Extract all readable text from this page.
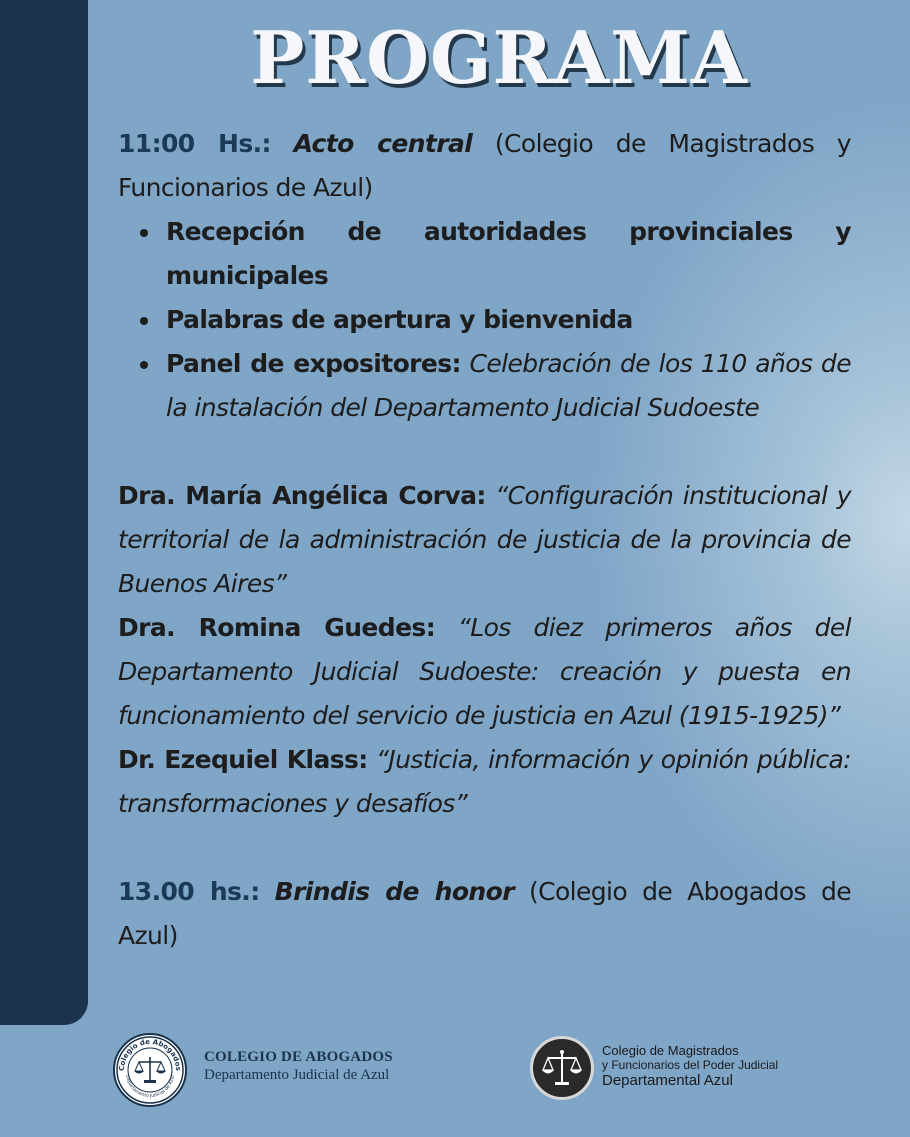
PROGRAMA

11:00 Hs.: Acto central (Colegio de Magistrados y Funcionarios de Azul)

Recepción de autoridades provinciales y municipales
Palabras de apertura y bienvenida
Panel de expositores: Celebración de los 110 años de la instalación del Departamento Judicial Sudoeste

Dra. María Angélica Corva: “Configuración institucional y territorial de la administración de justicia de la provincia de Buenos Aires”

Dra. Romina Guedes: “Los diez primeros años del Departamento Judicial Sudoeste: creación y puesta en funcionamiento del servicio de justicia en Azul (1915-1925)”

Dr. Ezequiel Klass: “Justicia, información y opinión pública: transformaciones y desafíos”

13.00 hs.: Brindis de honor (Colegio de Abogados de Azul)

Colegio de Abogados
Departamento Judicial de Azul
COLEGIO DE ABOGADOS
Departamento Judicial de Azul
Colegio de Magistrados
y Funcionarios del Poder Judicial
Departamental Azul
